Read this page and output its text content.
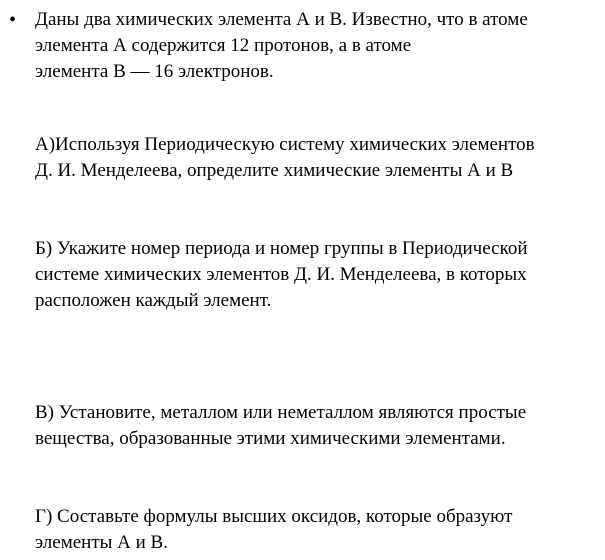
• Даны два химических элемента А и В. Известно, что в атоме
элемента А содержится 12 протонов, а в атоме
элемента В — 16 электронов.
А)Используя Периодическую систему химических элементов
Д. И. Менделеева, определите химические элементы А и В
Б) Укажите номер периода и номер группы в Периодической
системе химических элементов Д. И. Менделеева, в которых
расположен каждый элемент.
В) Установите, металлом или неметаллом являются простые
вещества, образованные этими химическими элементами.
Г) Составьте формулы высших оксидов, которые образуют
элементы А и В.
